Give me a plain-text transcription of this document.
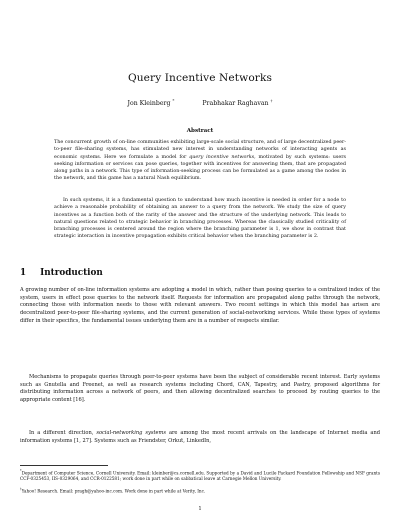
Query Incentive Networks
Jon Kleinberg *	Prabhakar Raghavan †
Abstract
The concurrent growth of on-line communities exhibiting large-scale social structure, and of large decentralized peer-to-peer file-sharing systems, has stimulated new interest in understanding networks of interacting agents as economic systems. Here we formulate a model for query incentive networks, motivated by such systems: users seeking information or services can pose queries, together with incentives for answering them, that are propagated along paths in a network. This type of information-seeking process can be formulated as a game among the nodes in the network, and this game has a natural Nash equilibrium.
In such systems, it is a fundamental question to understand how much incentive is needed in order for a node to achieve a reasonable probability of obtaining an answer to a query from the network. We study the size of query incentives as a function both of the rarity of the answer and the structure of the underlying network. This leads to natural questions related to strategic behavior in branching processes. Whereas the classically studied criticality of branching processes is centered around the region where the branching parameter is 1, we show in contrast that strategic interaction in incentive propagation exhibits critical behavior when the branching parameter is 2.
1 Introduction
A growing number of on-line information systems are adopting a model in which, rather than posing queries to a centralized index of the system, users in effect pose queries to the network itself. Requests for information are propagated along paths through the network, connecting those with information needs to those with relevant answers. Two recent settings in which this model has arisen are decentralized peer-to-peer file-sharing systems, and the current generation of social-networking services. While these types of systems differ in their specifics, the fundamental issues underlying them are in a number of respects similar.
Mechanisms to propagate queries through peer-to-peer systems have been the subject of considerable recent interest. Early systems such as Gnutella and Freenet, as well as research systems including Chord, CAN, Tapestry, and Pastry, proposed algorithms for distributing information across a network of peers, and then allowing decentralized searches to proceed by routing queries to the appropriate content [16].
In a different direction, social-networking systems are among the most recent arrivals on the landscape of Internet media and information systems [1, 27]. Systems such as Friendster, Orkut, LinkedIn,
*Department of Computer Science, Cornell University. Email: kleinber@cs.cornell.edu. Supported by a David and Lucile Packard Foundation Fellowship and NSF grants CCF-0325453, IIS-0329064, and CCR-0122581; work done in part while on sabbatical leave at Carnegie Mellon University.
†Yahoo! Research. Email: pragh@yahoo-inc.com. Work done in part while at Verity, Inc.
1
